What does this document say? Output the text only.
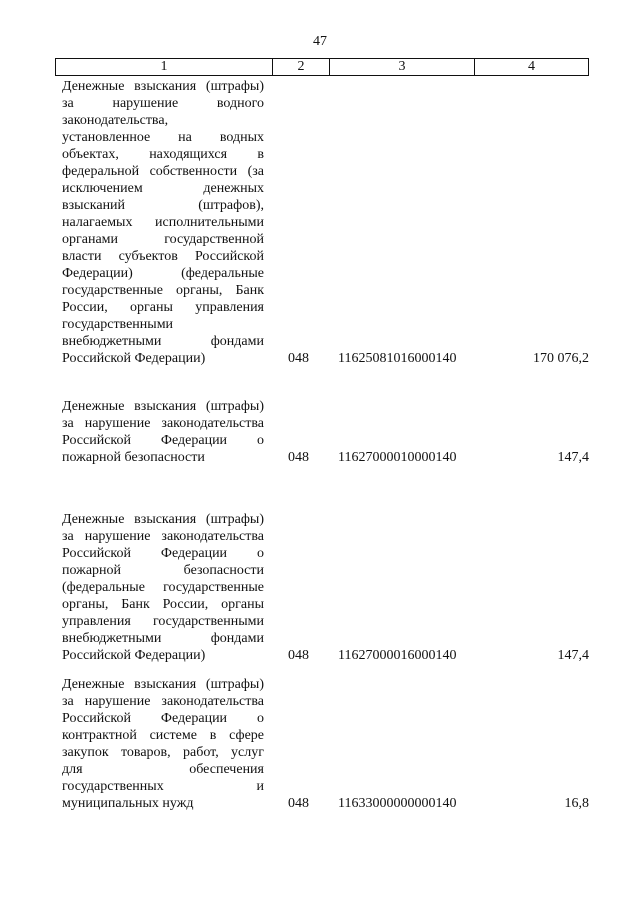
47
1	2	3	4
Денежные взыскания (штрафы)
за нарушение водного
законодательства,
установленное на водных
объектах, находящихся в
федеральной собственности (за
исключением денежных
взысканий (штрафов),
налагаемых исполнительными
органами государственной
власти субъектов Российской
Федерации) (федеральные
государственные органы, Банк
России, органы управления
государственными
внебюджетными фондами
Российской Федерации)	048	11625081016000140	170 076,2
Денежные взыскания (штрафы)
за нарушение законодательства
Российской Федерации о
пожарной безопасности	048	11627000010000140	147,4
Денежные взыскания (штрафы)
за нарушение законодательства
Российской Федерации о
пожарной безопасности
(федеральные государственные
органы, Банк России, органы
управления государственными
внебюджетными фондами
Российской Федерации)	048	11627000016000140	147,4
Денежные взыскания (штрафы)
за нарушение законодательства
Российской Федерации о
контрактной системе в сфере
закупок товаров, работ, услуг
для обеспечения
государственных и
муниципальных нужд	048	11633000000000140	16,8
